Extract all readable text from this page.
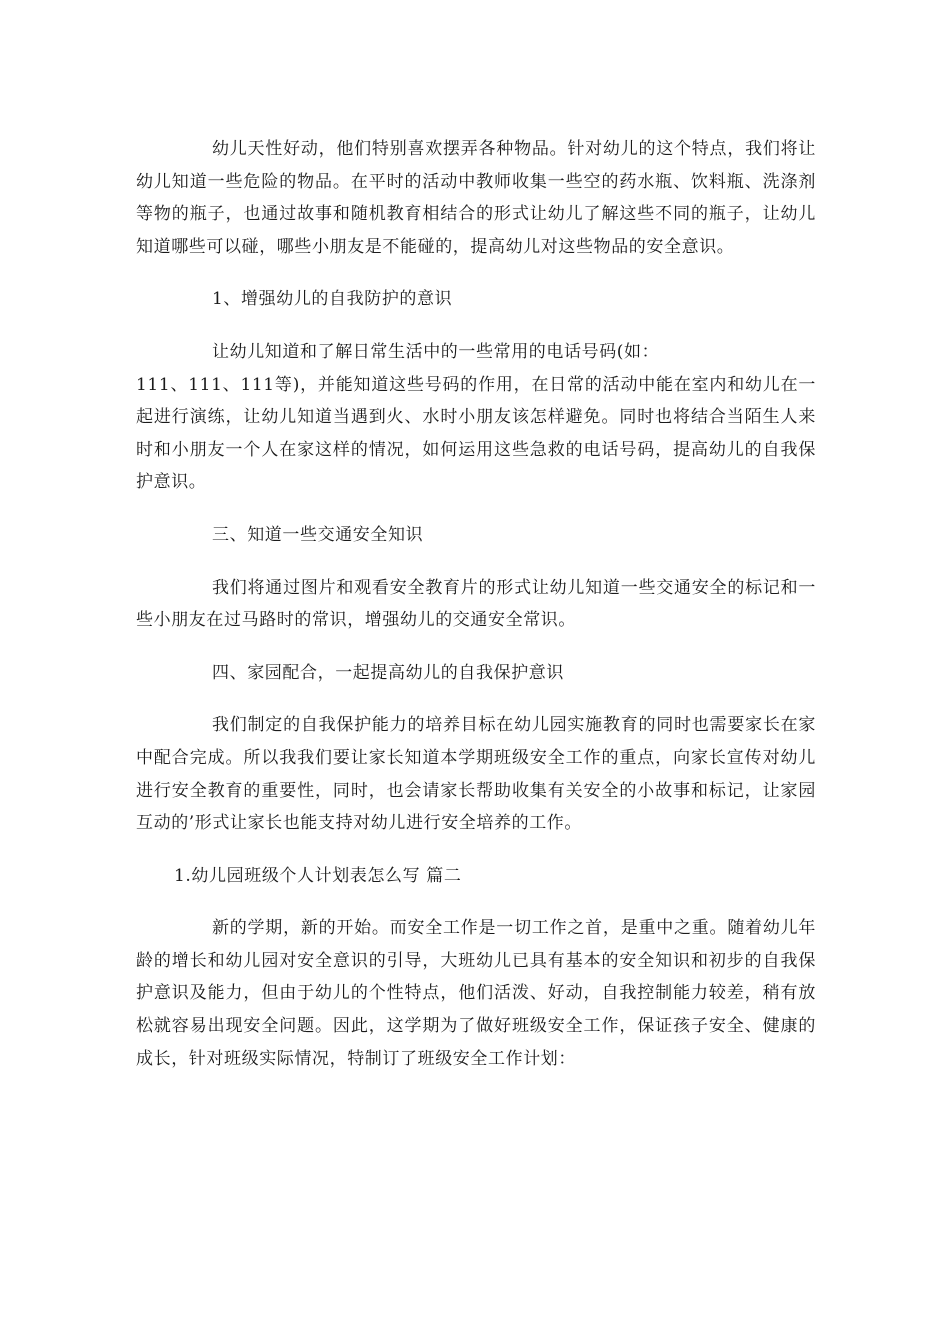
幼儿天性好动，他们特别喜欢摆弄各种物品。针对幼儿的这个特点，我们将让幼儿知道一些危险的物品。在平时的活动中教师收集一些空的药水瓶、饮料瓶、洗涤剂等物的瓶子，也通过故事和随机教育相结合的形式让幼儿了解这些不同的瓶子，让幼儿知道哪些可以碰，哪些小朋友是不能碰的，提高幼儿对这些物品的安全意识。

1、增强幼儿的自我防护的意识

让幼儿知道和了解日常生活中的一些常用的电话号码(如：
111、111、111等)，并能知道这些号码的作用，在日常的活动中能在室内和幼儿在一起进行演练，让幼儿知道当遇到火、水时小朋友该怎样避免。同时也将结合当陌生人来时和小朋友一个人在家这样的情况，如何运用这些急救的电话号码，提高幼儿的自我保护意识。

三、知道一些交通安全知识

我们将通过图片和观看安全教育片的形式让幼儿知道一些交通安全的标记和一些小朋友在过马路时的常识，增强幼儿的交通安全常识。

四、家园配合，一起提高幼儿的自我保护意识

我们制定的自我保护能力的培养目标在幼儿园实施教育的同时也需要家长在家中配合完成。所以我我们要让家长知道本学期班级安全工作的重点，向家长宣传对幼儿进行安全教育的重要性，同时，也会请家长帮助收集有关安全的小故事和标记，让家园互动的’形式让家长也能支持对幼儿进行安全培养的工作。

1.幼儿园班级个人计划表怎么写 篇二

新的学期，新的开始。而安全工作是一切工作之首，是重中之重。随着幼儿年龄的增长和幼儿园对安全意识的引导，大班幼儿已具有基本的安全知识和初步的自我保护意识及能力，但由于幼儿的个性特点，他们活泼、好动，自我控制能力较差，稍有放松就容易出现安全问题。因此，这学期为了做好班级安全工作，保证孩子安全、健康的成长，针对班级实际情况，特制订了班级安全工作计划：
